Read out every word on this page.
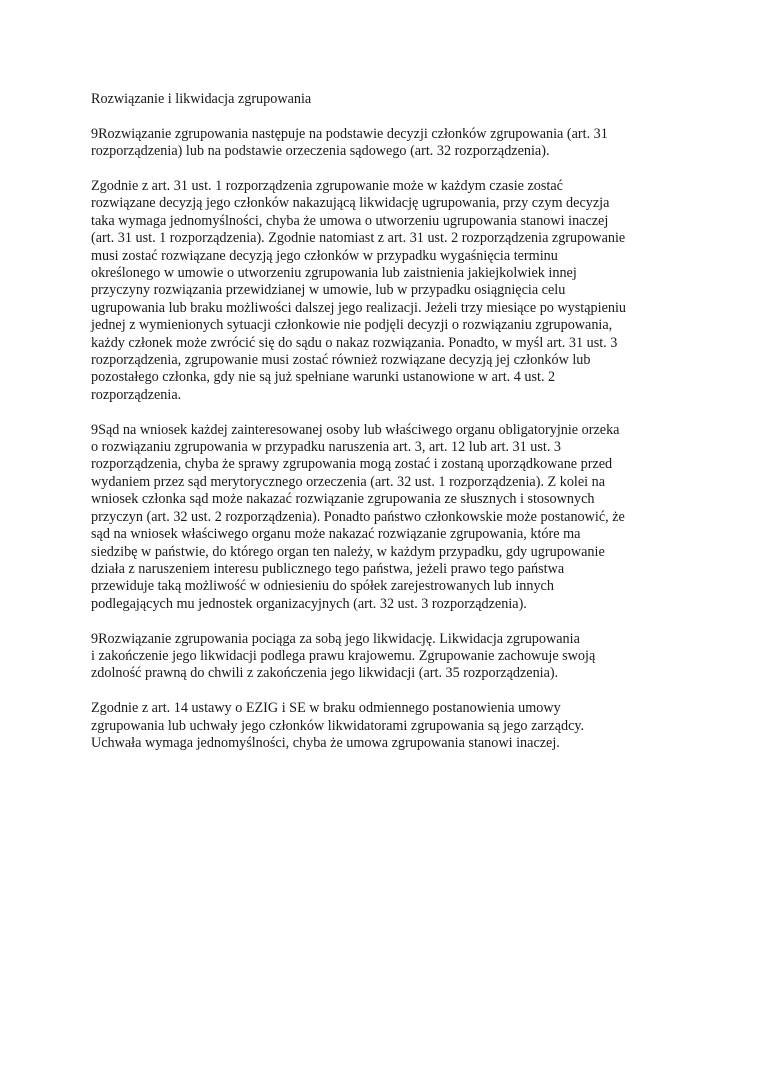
Rozwiązanie i likwidacja zgrupowania

9Rozwiązanie zgrupowania następuje na podstawie decyzji członków zgrupowania (art. 31
rozporządzenia) lub na podstawie orzeczenia sądowego (art. 32 rozporządzenia).

Zgodnie z art. 31 ust. 1 rozporządzenia zgrupowanie może w każdym czasie zostać
rozwiązane decyzją jego członków nakazującą likwidację ugrupowania, przy czym decyzja
taka wymaga jednomyślności, chyba że umowa o utworzeniu ugrupowania stanowi inaczej
(art. 31 ust. 1 rozporządzenia). Zgodnie natomiast z art. 31 ust. 2 rozporządzenia zgrupowanie
musi zostać rozwiązane decyzją jego członków w przypadku wygaśnięcia terminu
określonego w umowie o utworzeniu zgrupowania lub zaistnienia jakiejkolwiek innej
przyczyny rozwiązania przewidzianej w umowie, lub w przypadku osiągnięcia celu
ugrupowania lub braku możliwości dalszej jego realizacji. Jeżeli trzy miesiące po wystąpieniu
jednej z wymienionych sytuacji członkowie nie podjęli decyzji o rozwiązaniu zgrupowania,
każdy członek może zwrócić się do sądu o nakaz rozwiązania. Ponadto, w myśl art. 31 ust. 3
rozporządzenia, zgrupowanie musi zostać również rozwiązane decyzją jej członków lub
pozostałego członka, gdy nie są już spełniane warunki ustanowione w art. 4 ust. 2
rozporządzenia.

9Sąd na wniosek każdej zainteresowanej osoby lub właściwego organu obligatoryjnie orzeka
o rozwiązaniu zgrupowania w przypadku naruszenia art. 3, art. 12 lub art. 31 ust. 3
rozporządzenia, chyba że sprawy zgrupowania mogą zostać i zostaną uporządkowane przed
wydaniem przez sąd merytorycznego orzeczenia (art. 32 ust. 1 rozporządzenia). Z kolei na
wniosek członka sąd może nakazać rozwiązanie zgrupowania ze słusznych i stosownych
przyczyn (art. 32 ust. 2 rozporządzenia). Ponadto państwo członkowskie może postanowić, że
sąd na wniosek właściwego organu może nakazać rozwiązanie zgrupowania, które ma
siedzibę w państwie, do którego organ ten należy, w każdym przypadku, gdy ugrupowanie
działa z naruszeniem interesu publicznego tego państwa, jeżeli prawo tego państwa
przewiduje taką możliwość w odniesieniu do spółek zarejestrowanych lub innych
podlegających mu jednostek organizacyjnych (art. 32 ust. 3 rozporządzenia).

9Rozwiązanie zgrupowania pociąga za sobą jego likwidację. Likwidacja zgrupowania
i zakończenie jego likwidacji podlega prawu krajowemu. Zgrupowanie zachowuje swoją
zdolność prawną do chwili z zakończenia jego likwidacji (art. 35 rozporządzenia).

Zgodnie z art. 14 ustawy o EZIG i SE w braku odmiennego postanowienia umowy
zgrupowania lub uchwały jego członków likwidatorami zgrupowania są jego zarządcy.
Uchwała wymaga jednomyślności, chyba że umowa zgrupowania stanowi inaczej.
